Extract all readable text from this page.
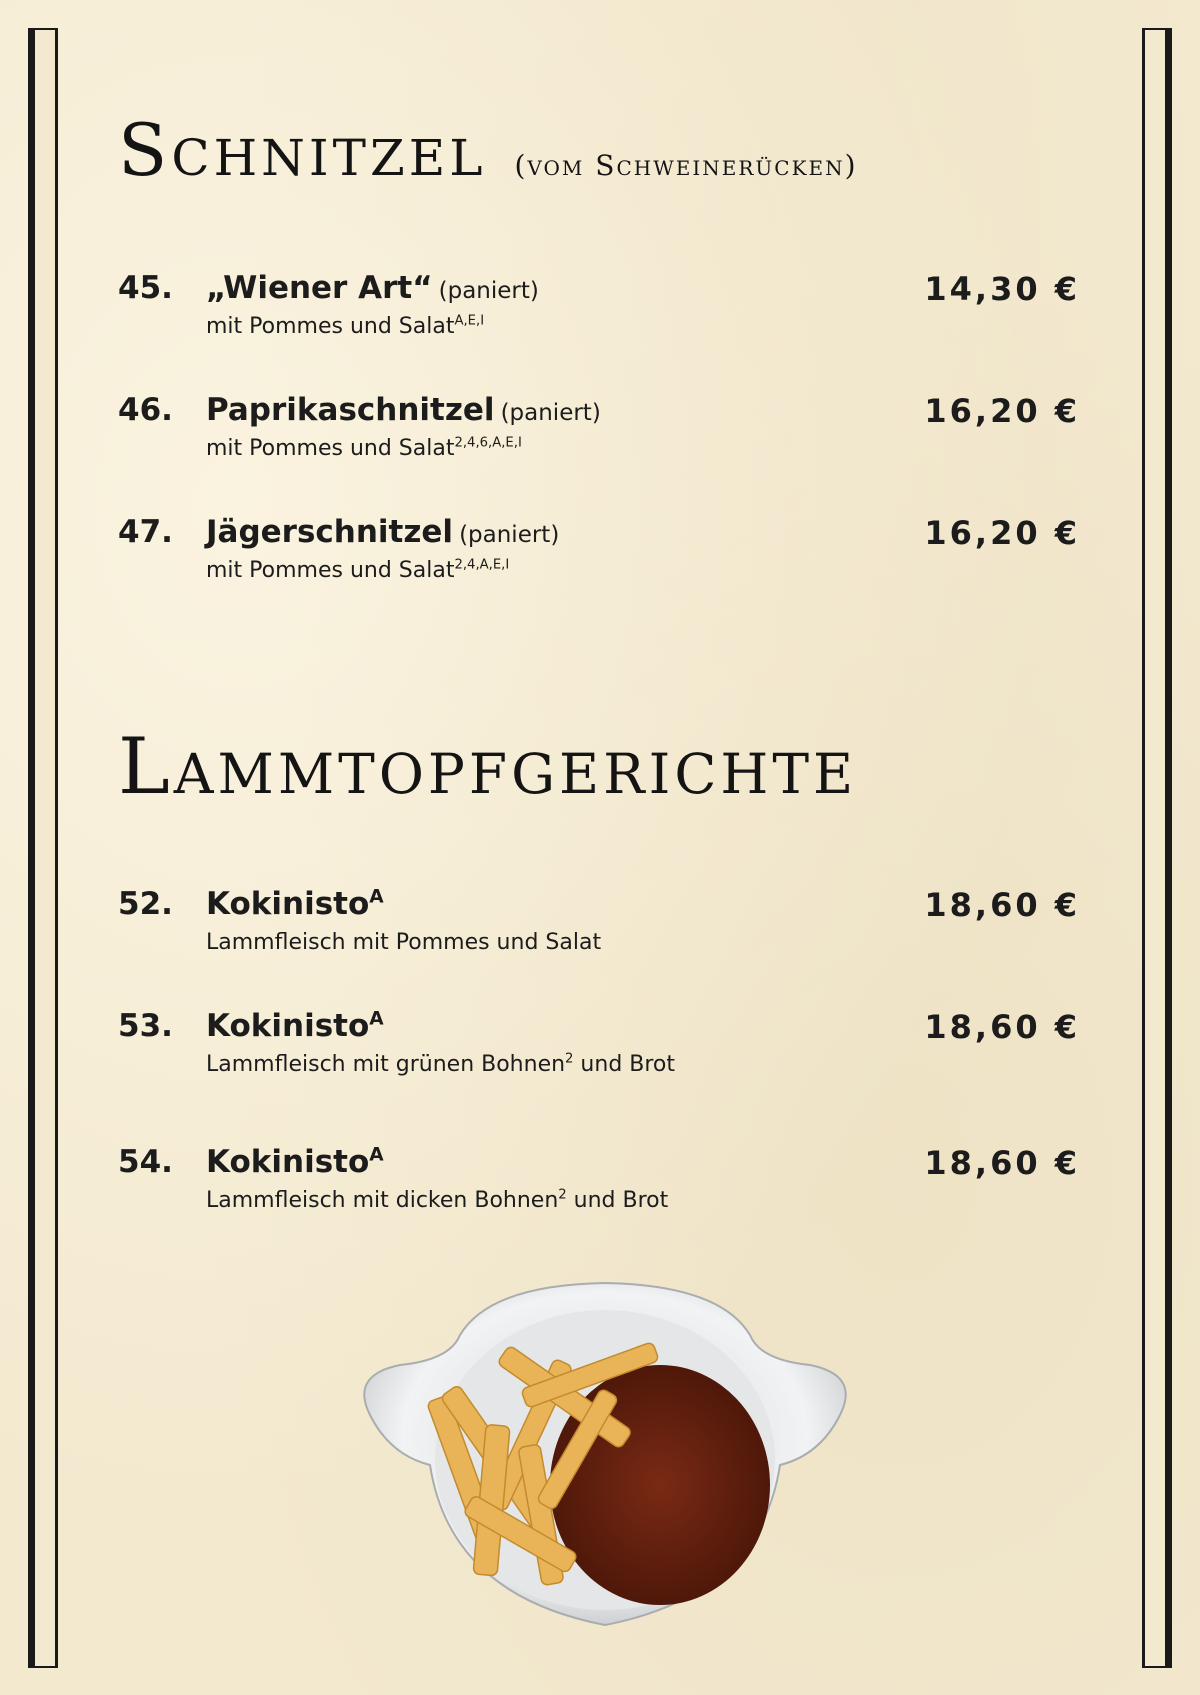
Schnitzel (vom Schweinerücken)
45. „Wiener Art“ (paniert)
mit Pommes und Salat$^{A,E,I}$
14,30 €
46. Paprikaschnitzel (paniert)
mit Pommes und Salat$^{2,4,6,A,E,I}$
16,20 €
47. Jägerschnitzel (paniert)
mit Pommes und Salat$^{2,4,A,E,I}$
16,20 €
Lammtopfgerichte
52. Kokinisto$^A$
Lammfleisch mit Pommes und Salat
18,60 €
53. Kokinisto$^A$
Lammfleisch mit grünen Bohnen$^2$ und Brot
18,60 €
54. Kokinisto$^A$
Lammfleisch mit dicken Bohnen$^2$ und Brot
18,60 €
